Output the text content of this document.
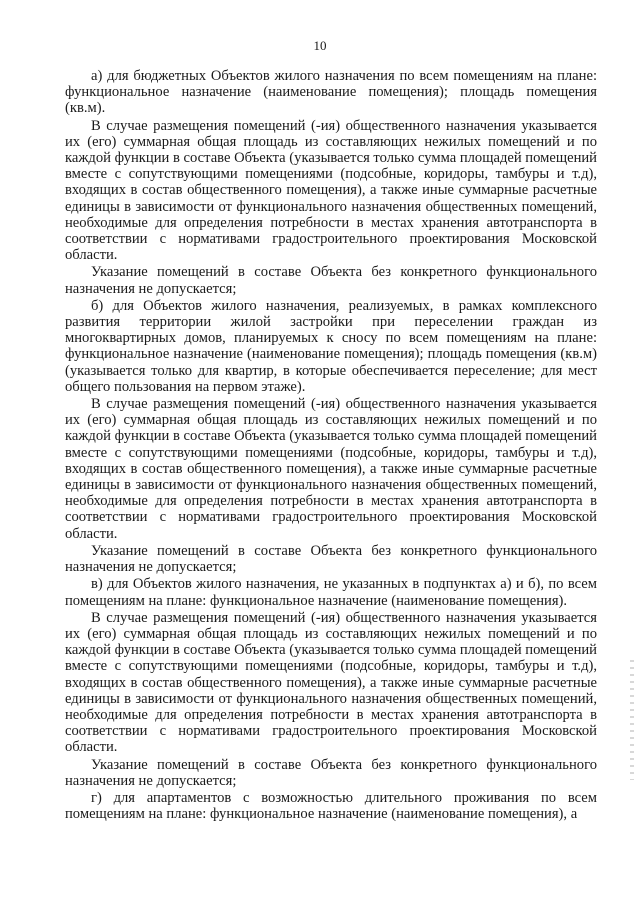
10

а) для бюджетных Объектов жилого назначения по всем помещениям на плане: функциональное назначение (наименование помещения); площадь помещения (кв.м).

В случае размещения помещений (-ия) общественного назначения указывается их (его) суммарная общая площадь из составляющих нежилых помещений и по каждой функции в составе Объекта (указывается только сумма площадей помещений вместе с сопутствующими помещениями (подсобные, коридоры, тамбуры и т.д), входящих в состав общественного помещения), а также иные суммарные расчетные единицы в зависимости от функционального назначения общественных помещений, необходимые для определения потребности в местах хранения автотранспорта в соответствии с нормативами градостроительного проектирования Московской области.

Указание помещений в составе Объекта без конкретного функционального назначения не допускается;

б) для Объектов жилого назначения, реализуемых, в рамках комплексного развития территории жилой застройки при переселении граждан из многоквартирных домов, планируемых к сносу по всем помещениям на плане: функциональное назначение (наименование помещения); площадь помещения (кв.м) (указывается только для квартир, в которые обеспечивается переселение; для мест общего пользования на первом этаже).

В случае размещения помещений (-ия) общественного назначения указывается их (его) суммарная общая площадь из составляющих нежилых помещений и по каждой функции в составе Объекта (указывается только сумма площадей помещений вместе с сопутствующими помещениями (подсобные, коридоры, тамбуры и т.д), входящих в состав общественного помещения), а также иные суммарные расчетные единицы в зависимости от функционального назначения общественных помещений, необходимые для определения потребности в местах хранения автотранспорта в соответствии с нормативами градостроительного проектирования Московской области.

Указание помещений в составе Объекта без конкретного функционального назначения не допускается;

в) для Объектов жилого назначения, не указанных в подпунктах а) и б), по всем помещениям на плане: функциональное назначение (наименование помещения).

В случае размещения помещений (-ия) общественного назначения указывается их (его) суммарная общая площадь из составляющих нежилых помещений и по каждой функции в составе Объекта (указывается только сумма площадей помещений вместе с сопутствующими помещениями (подсобные, коридоры, тамбуры и т.д), входящих в состав общественного помещения), а также иные суммарные расчетные единицы в зависимости от функционального назначения общественных помещений, необходимые для определения потребности в местах хранения автотранспорта в соответствии с нормативами градостроительного проектирования Московской области.

Указание помещений в составе Объекта без конкретного функционального назначения не допускается;

г) для апартаментов с возможностью длительного проживания по всем помещениям на плане: функциональное назначение (наименование помещения), а
